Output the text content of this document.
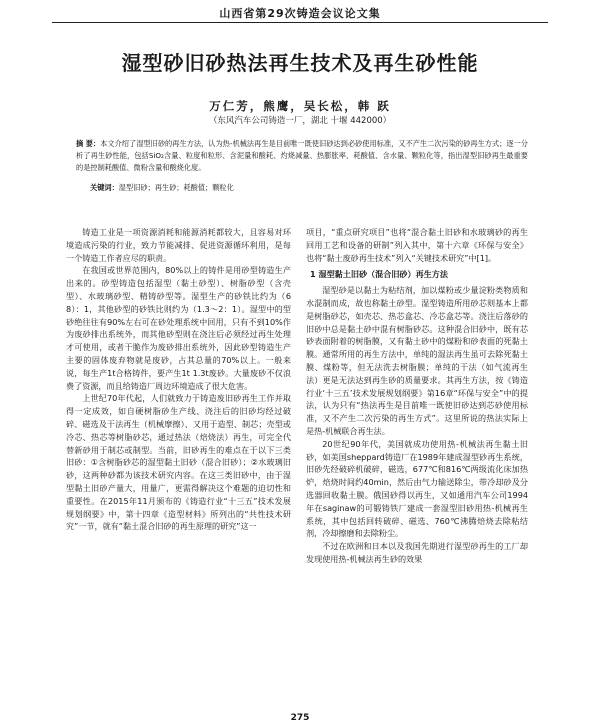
山西省第29次铸造会议论文集
湿型砂旧砂热法再生技术及再生砂性能
万仁芳，熊鹰，吴长松，韩 跃
（东风汽车公司铸造一厂，湖北 十堰 442000）
摘 要：本文介绍了湿型旧砂的再生方法，认为热-机械法再生是目前唯一既使旧砂达到必砂使用标准，又不产生二次污染的砂再生方式；逐一分析了再生砂性能，包括SiO₂含量、粒度和粒形、含泥量和酸耗、灼烧减量、热膨胀率、耗酸值、含水量、颗粒化等，指出湿型旧砂再生最重要的是控制耗酸值、微粉含量和酸烧化度。
关键词：湿型旧砂；再生砂；耗酸值；颗粒化

铸造工业是一项资源消耗和能源消耗都较大，且容易对环境造成污染的行业，致力节能减排、促进资源循环利用，是每一个铸造工作者应尽的职责。

在我国或世界范围内，80%以上的铸件是用砂型铸造生产出来的。砂型铸造包括湿型（黏土砂型）、树脂砂型（含壳型）、水玻璃砂型、精铸砂型等。湿型生产的砂铁比约为（6 8）：1，其他砂型的砂铁比则约为（1.3～2：1）。湿型中的型砂绝往往有90%左右可在砂处理系统中回用，只有不到10%作为废砂排出系统外，而其他砂型则在浇注后必须经过再生处理才可使用，或者干脆作为废砂排出系统外，因此砂型铸造生产主要的固体废弃物就是废砂，占其总量的70%以上。一般来说，每生产1t合格铸件，要产生1t 1.3t废砂。大量废砂不仅浪费了资源，而且给铸造厂周边环境造成了很大危害。

上世纪70年代起，人们就致力于铸造废旧砂再生工作并取得一定成效，如自硬树脂砂生产线、浇注后的旧砂均经过破碎、磁选及干法再生（机械摩擦）、又用于造型、制芯；壳型或冷芯、热芯等树脂砂芯，通过热法（焙烧法）再生，可完全代替新砂用于制芯或制型。当前，旧砂再生的难点在于以下三类旧砂：①含树脂砂芯的湿型黏土旧砂（混合旧砂）；②水玻璃旧砂，这两种砂都为该技术研究内容。在这三类旧砂中，由于湿型黏土旧砂产量大，用量广，更需得解决这个难题的迫切性和重要性。在2015年11月颁布的《铸造行业“十三五”技术发展规划纲要》中，第十四章《造型材料》所列出的“共性技术研究”一节，就有“黏土混合旧砂的再生原理的研究”这一

项目，“重点研究项目”也将“混合黏土旧砂和水玻璃砂的再生回用工艺和设备的研制”列入其中，第十六章《环保与安全》也将“黏土废砂再生技术”列入“关键技术研究”中[1]。

1 湿型黏土旧砂（混合旧砂）再生方法

湿型砂是以黏土为粘结剂，加以煤粉或少量淀粉类物质和水混制而成，故也称黏土砂型。湿型铸造所用砂芯则基本上都是树脂砂芯，如壳芯、热芯盒芯、冷芯盒芯等。浇注后落砂的旧砂中总是黏土砂中混有树脂砂芯。这种混合旧砂中，既有芯砂表面附着的树脂膜，又有黏土砂中的煤粉和砂表面的死黏土膜。通常所用的再生方法中，单纯的湿法再生虽可去除死黏土膜、煤粉等，但无法洗去树脂膜；单纯的干法（如气流再生法）更是无法达到再生砂的质量要求。其再生方法，按《铸造行业‘十三五’技术发展规划纲要》第16章“环保与安全”中的提法，认为只有“热法再生是目前唯一既使旧砂达到芯砂使用标准，又不产生二次污染的再生方式”。这里所说的热法实际上是热-机械联合再生法。

20世纪90年代，美国就成功使用热-机械法再生黏土旧砂，如美国sheppard铸造厂在1989年建成湿型砂再生系统，旧砂先经破碎机破碎，磁选，677℃和816℃两级流化床加热炉，焙烧时间约40min，然后由气力输送除尘，带冷却砂及分选器回收黏土膜。俄国砂得以再生，又如通用汽车公司1994年在saginaw的可锻铸铁厂建成一套湿型旧砂用热-机械再生系统，其中包括回转破碎、磁选、760℃沸腾焙烧去除粘结剂，冷却擦磨和去除粉尘。

不过在欧洲和日本以及我国先期进行湿型砂再生的工厂却发现使用热-机械法再生砂的效果

275
